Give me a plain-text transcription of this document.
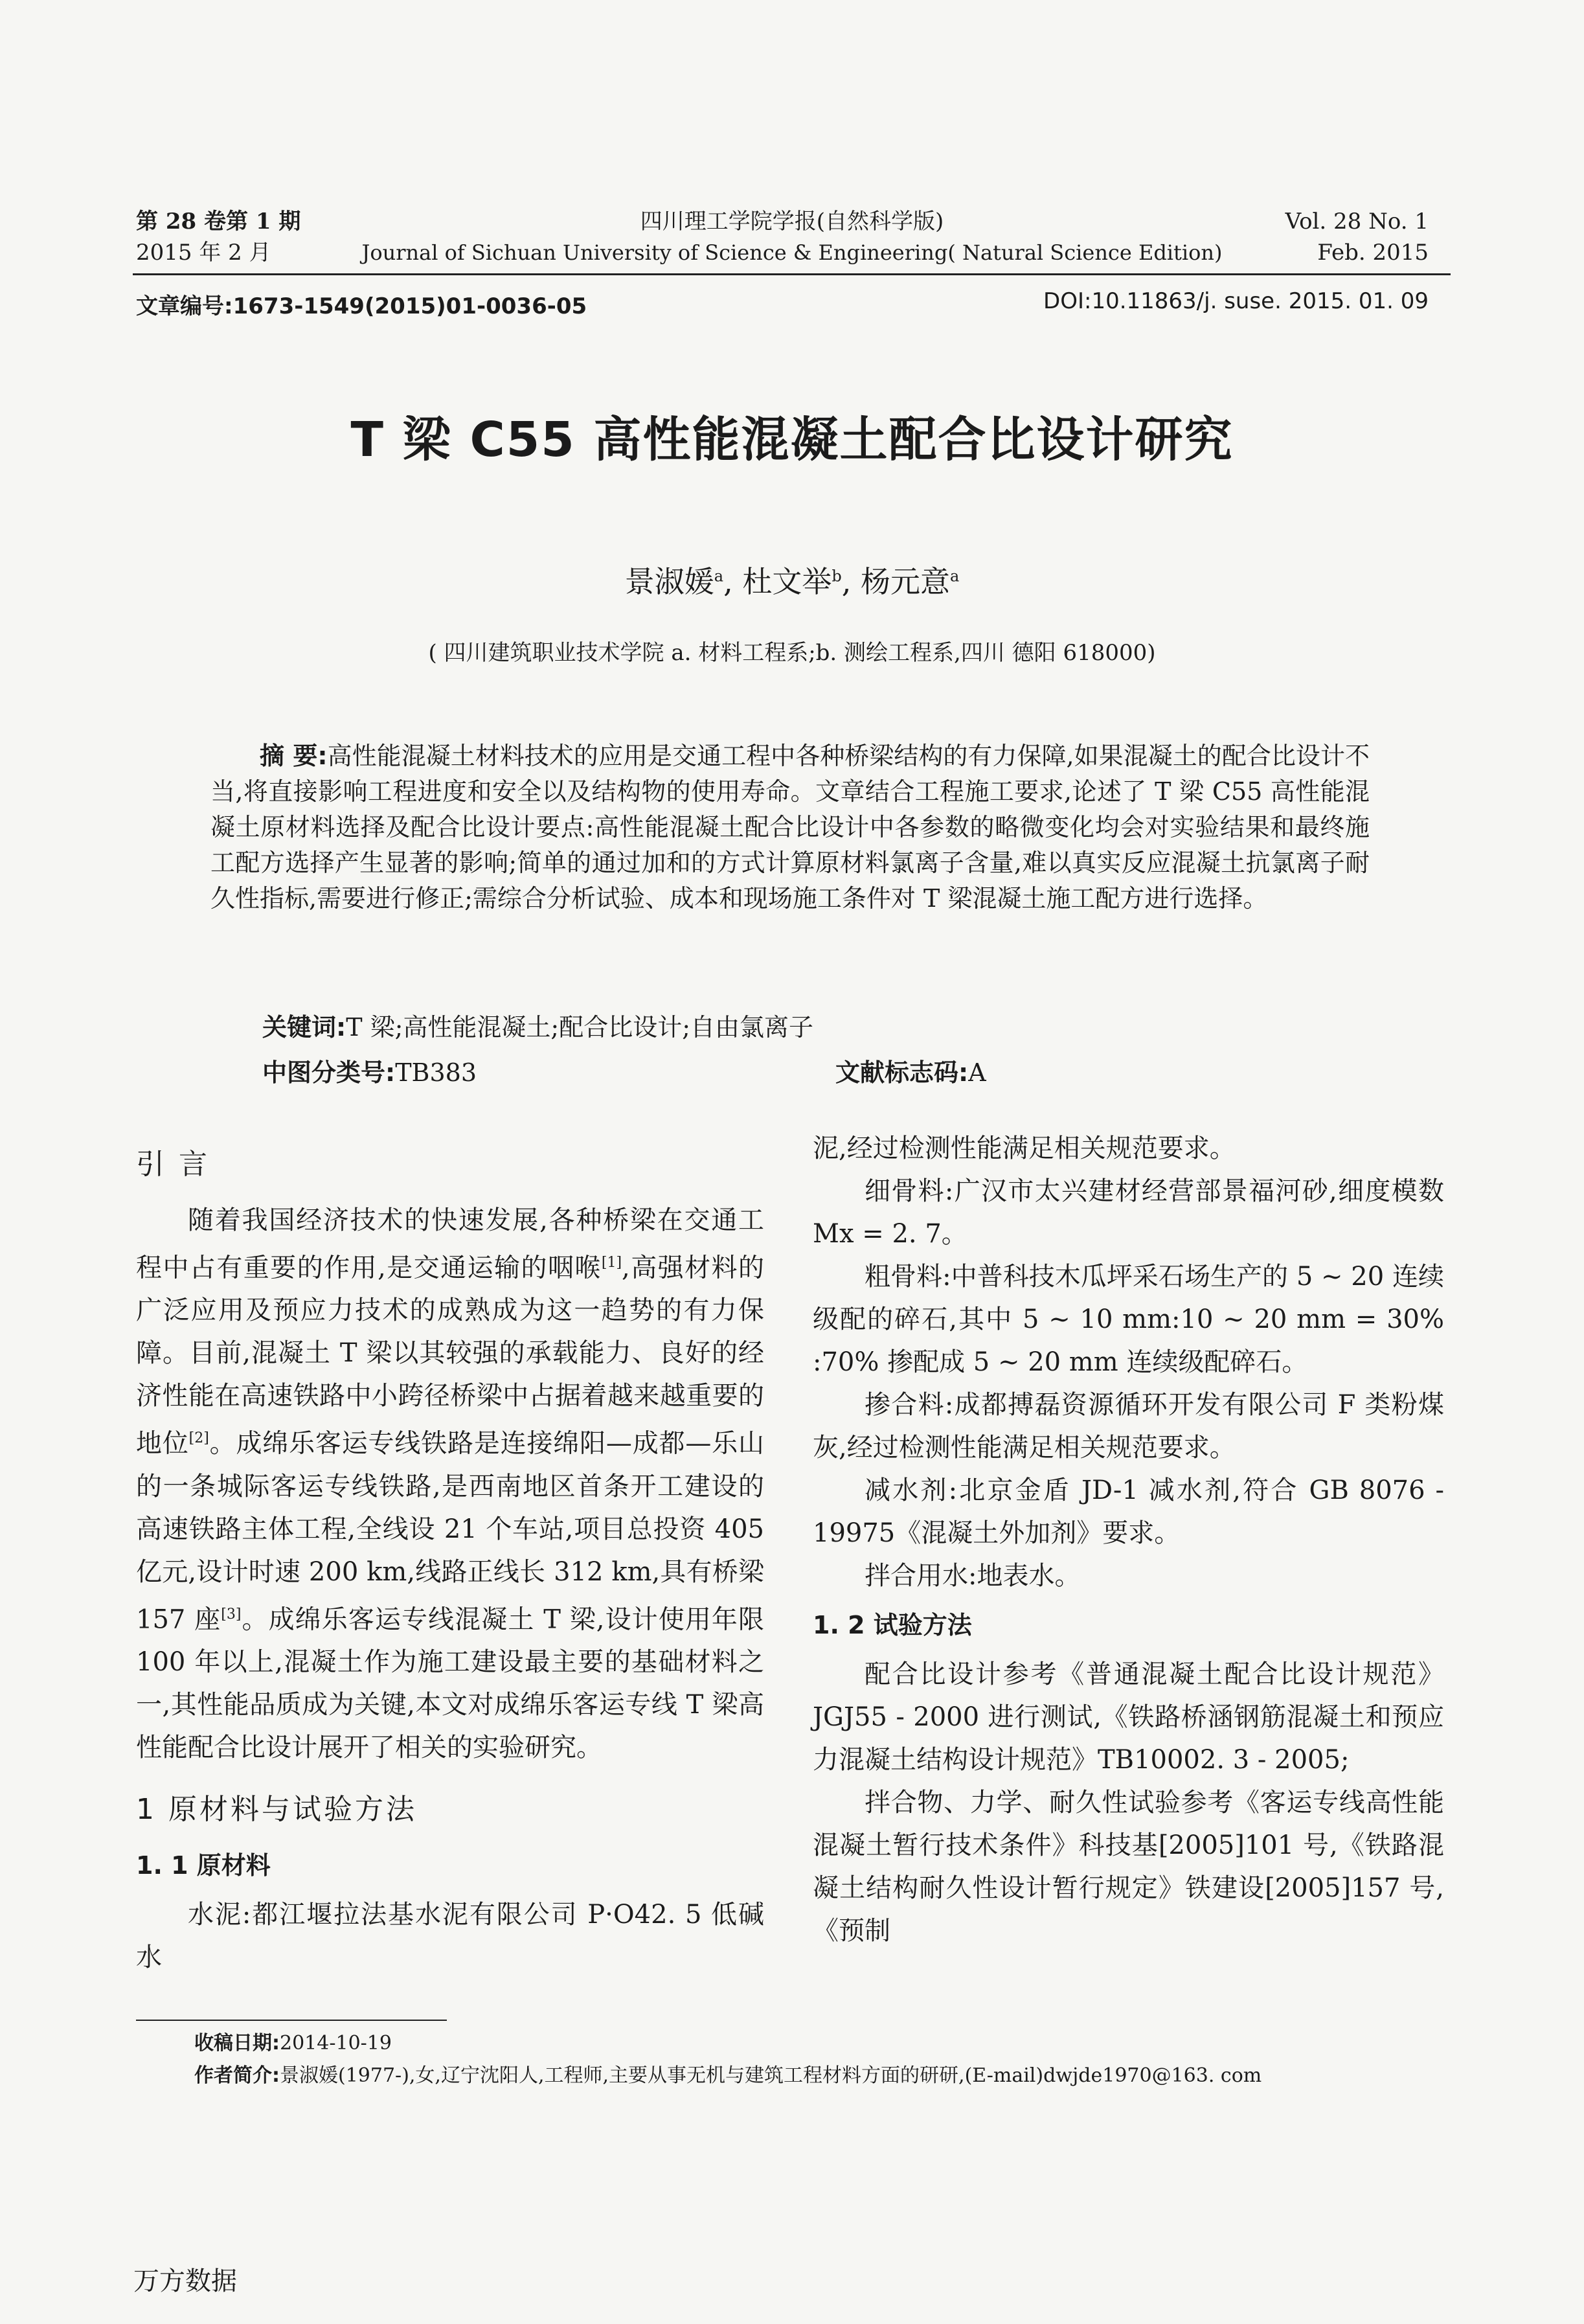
第 28 卷第 1 期
2015 年 2 月
四川理工学院学报(自然科学版)
Journal of Sichuan University of Science & Engineering( Natural Science Edition)
Vol. 28 No. 1
Feb. 2015
文章编号:1673-1549(2015)01-0036-05	DOI:10.11863/j. suse. 2015. 01. 09
T 梁 C55 高性能混凝土配合比设计研究
景淑媛$^a$, 杜文举$^b$, 杨元意$^a$
( 四川建筑职业技术学院 a. 材料工程系;b. 测绘工程系,四川 德阳 618000)
摘 要:高性能混凝土材料技术的应用是交通工程中各种桥梁结构的有力保障,如果混凝土的配合比设计不当,将直接影响工程进度和安全以及结构物的使用寿命。文章结合工程施工要求,论述了 T 梁 C55 高性能混凝土原材料选择及配合比设计要点:高性能混凝土配合比设计中各参数的略微变化均会对实验结果和最终施工配方选择产生显著的影响;简单的通过加和的方式计算原材料氯离子含量,难以真实反应混凝土抗氯离子耐久性指标,需要进行修正;需综合分析试验、成本和现场施工条件对 T 梁混凝土施工配方进行选择。
关键词:T 梁;高性能混凝土;配合比设计;自由氯离子
中图分类号:TB383	文献标志码:A
引 言

随着我国经济技术的快速发展,各种桥梁在交通工程中占有重要的作用,是交通运输的咽喉[1],高强材料的广泛应用及预应力技术的成熟成为这一趋势的有力保障。目前,混凝土 T 梁以其较强的承载能力、良好的经济性能在高速铁路中小跨径桥梁中占据着越来越重要的地位[2]。成绵乐客运专线铁路是连接绵阳—成都—乐山的一条城际客运专线铁路,是西南地区首条开工建设的高速铁路主体工程,全线设 21 个车站,项目总投资 405 亿元,设计时速 200 km,线路正线长 312 km,具有桥梁 157 座[3]。成绵乐客运专线混凝土 T 梁,设计使用年限 100 年以上,混凝土作为施工建设最主要的基础材料之一,其性能品质成为关键,本文对成绵乐客运专线 T 梁高性能配合比设计展开了相关的实验研究。

1 原材料与试验方法
1. 1 原材料

水泥:都江堰拉法基水泥有限公司 P·O42. 5 低碱水

泥,经过检测性能满足相关规范要求。

细骨料:广汉市太兴建材经营部景福河砂,细度模数 Mx = 2. 7。

粗骨料:中普科技木瓜坪采石场生产的 5 ~ 20 连续级配的碎石,其中 5 ~ 10 mm:10 ~ 20 mm = 30% :70% 掺配成 5 ~ 20 mm 连续级配碎石。

掺合料:成都搏磊资源循环开发有限公司 F 类粉煤灰,经过检测性能满足相关规范要求。

减水剂:北京金盾 JD-1 减水剂,符合 GB 8076 - 19975《混凝土外加剂》要求。

拌合用水:地表水。

1. 2 试验方法

配合比设计参考《普通混凝土配合比设计规范》JGJ55 - 2000 进行测试,《铁路桥涵钢筋混凝土和预应力混凝土结构设计规范》TB10002. 3 - 2005;

拌合物、力学、耐久性试验参考《客运专线高性能混凝土暂行技术条件》科技基[2005]101 号,《铁路混凝土结构耐久性设计暂行规定》铁建设[2005]157 号,《预制

收稿日期:2014-10-19
作者简介:景淑媛(1977-),女,辽宁沈阳人,工程师,主要从事无机与建筑工程材料方面的研研,(E-mail)dwjde1970@163. com
万方数据
